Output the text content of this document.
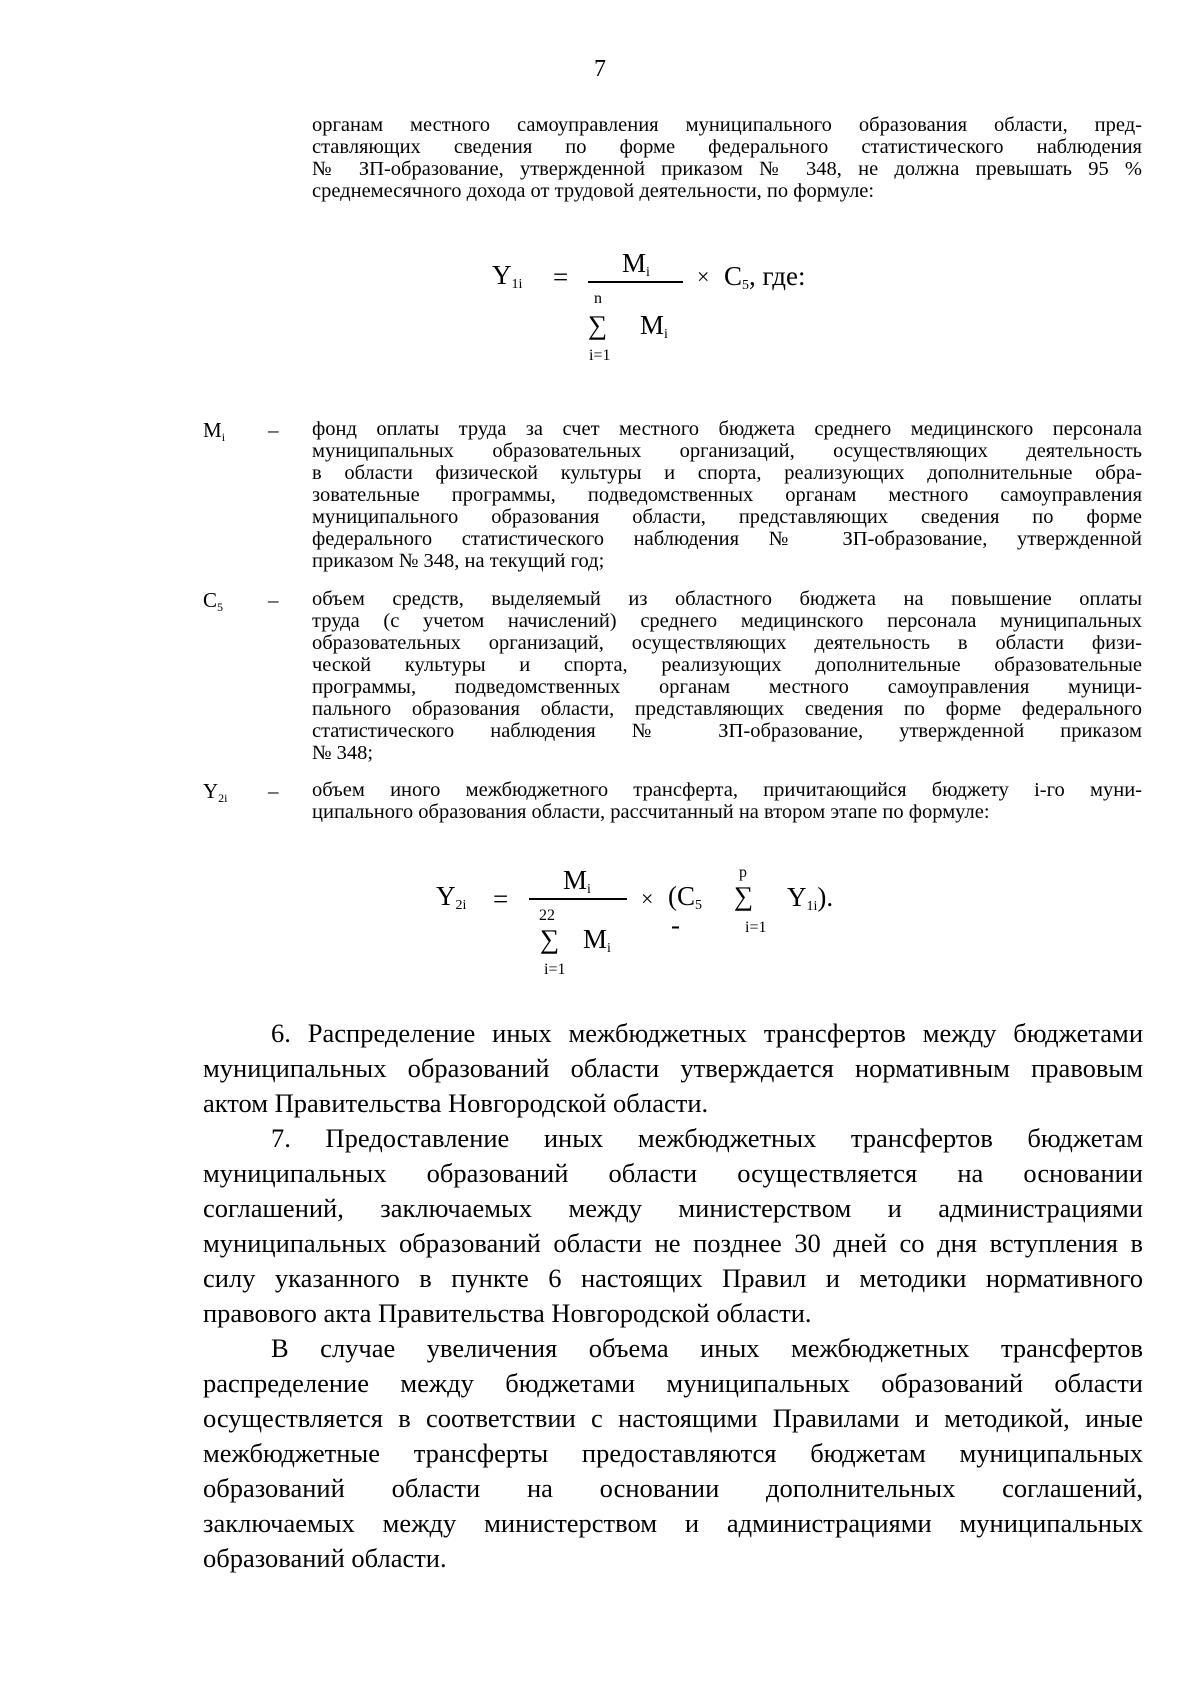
7
органам местного самоуправления муниципального образования области, пред-
ставляющих сведения по форме федерального статистического наблюдения
№ ЗП-образование, утвержденной приказом № 348, не должна превышать 95 %
среднемесячного дохода от трудовой деятельности, по формуле:
Y1i = Mi
n
∑ Mi
i=1
× C5, где:
Mi	– фонд оплаты труда за счет местного бюджета среднего медицинского персонала
муниципальных образовательных организаций, осуществляющих деятельность
в области физической культуры и спорта, реализующих дополнительные обра-
зовательные программы, подведомственных органам местного самоуправления
муниципального образования области, представляющих сведения по форме
федерального статистического наблюдения № ЗП-образование, утвержденной
приказом № 348, на текущий год;
C5	– объем средств, выделяемый из областного бюджета на повышение оплаты
труда (с учетом начислений) среднего медицинского персонала муниципальных
образовательных организаций, осуществляющих деятельность в области физи-
ческой культуры и спорта, реализующих дополнительные образовательные
программы, подведомственных органам местного самоуправления муници-
пального образования области, представляющих сведения по форме федерального
статистического наблюдения № ЗП-образование, утвержденной приказом
№ 348;
Y2i	– объем иного межбюджетного трансферта, причитающийся бюджету i-го муни-
ципального образования области, рассчитанный на втором этапе по формуле:
Y2i =
Mi
22
∑ Mi
i=1
× (C5
-
p
∑
i=1
Y1i).
6. Распределение иных межбюджетных трансфертов между бюджетами
муниципальных образований области утверждается нормативным правовым
актом Правительства Новгородской области.
7. Предоставление иных межбюджетных трансфертов бюджетам
муниципальных образований области осуществляется на основании
соглашений, заключаемых между министерством и администрациями
муниципальных образований области не позднее 30 дней со дня вступления в
силу указанного в пункте 6 настоящих Правил и методики нормативного
правового акта Правительства Новгородской области.
В случае увеличения объема иных межбюджетных трансфертов
распределение между бюджетами муниципальных образований области
осуществляется в соответствии с настоящими Правилами и методикой, иные
межбюджетные трансферты предоставляются бюджетам муниципальных
образований области на основании дополнительных соглашений,
заключаемых между министерством и администрациями муниципальных
образований области.
